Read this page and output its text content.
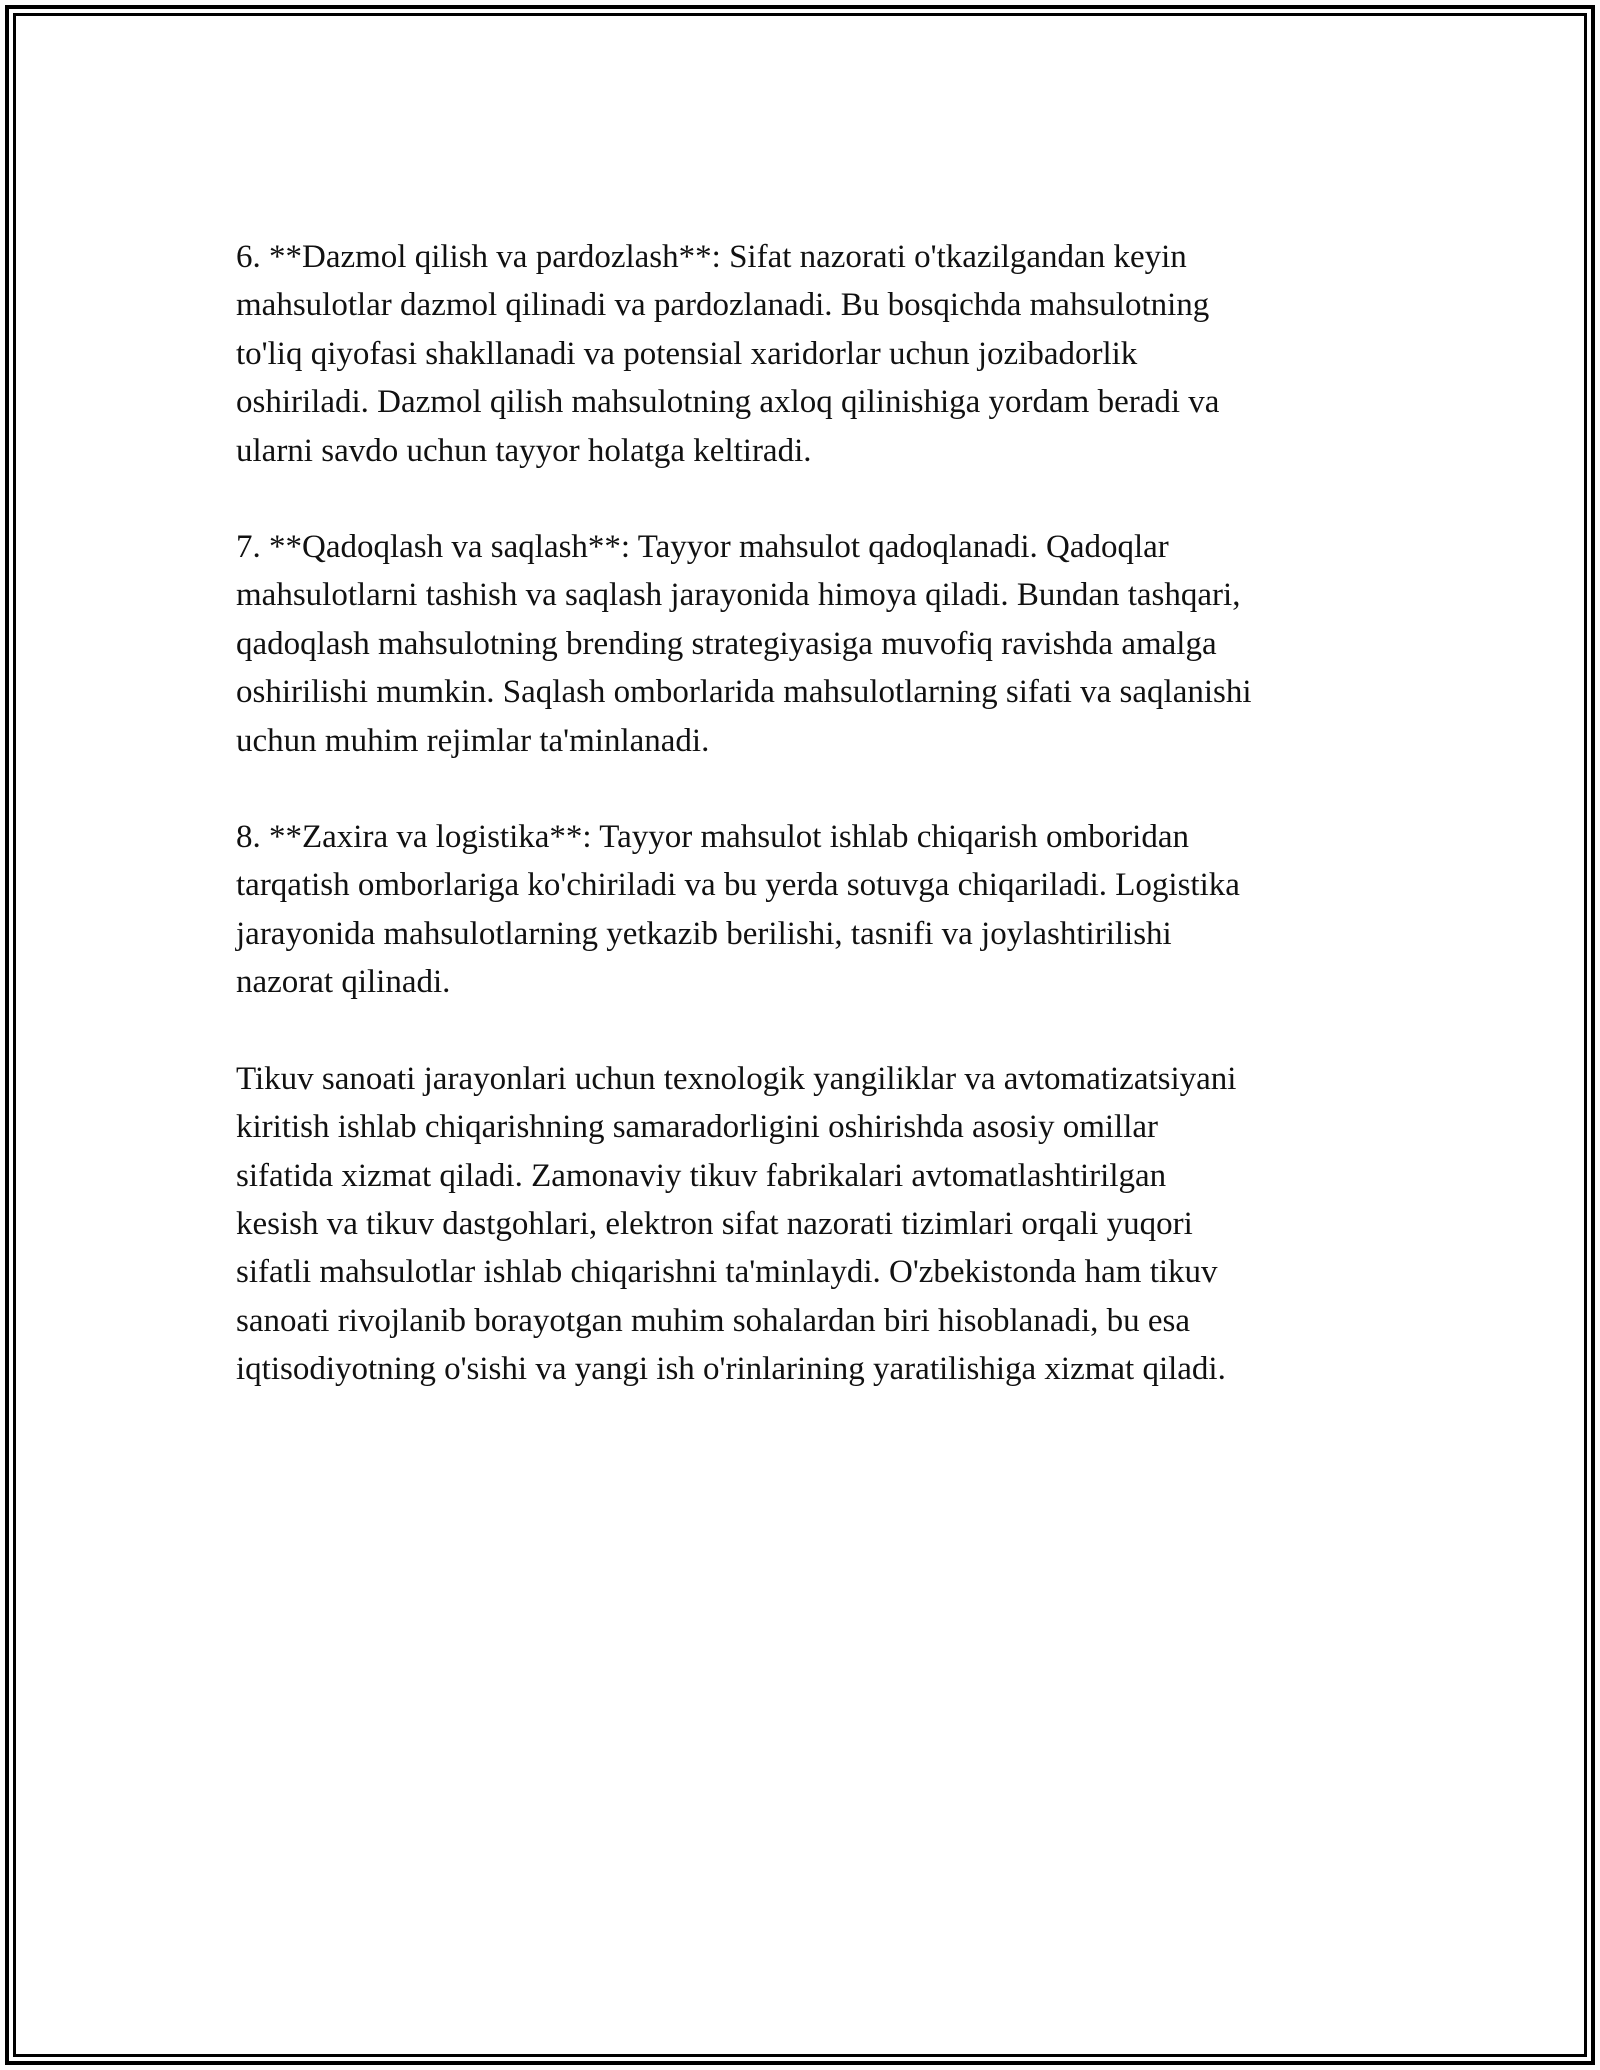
6. **Dazmol qilish va pardozlash**: Sifat nazorati o'tkazilgandan keyin
mahsulotlar dazmol qilinadi va pardozlanadi. Bu bosqichda mahsulotning
to'liq qiyofasi shakllanadi va potensial xaridorlar uchun jozibadorlik
oshiriladi. Dazmol qilish mahsulotning axloq qilinishiga yordam beradi va
ularni savdo uchun tayyor holatga keltiradi.

7. **Qadoqlash va saqlash**: Tayyor mahsulot qadoqlanadi. Qadoqlar
mahsulotlarni tashish va saqlash jarayonida himoya qiladi. Bundan tashqari,
qadoqlash mahsulotning brending strategiyasiga muvofiq ravishda amalga
oshirilishi mumkin. Saqlash omborlarida mahsulotlarning sifati va saqlanishi
uchun muhim rejimlar ta'minlanadi.

8. **Zaxira va logistika**: Tayyor mahsulot ishlab chiqarish omboridan
tarqatish omborlariga ko'chiriladi va bu yerda sotuvga chiqariladi. Logistika
jarayonida mahsulotlarning yetkazib berilishi, tasnifi va joylashtirilishi
nazorat qilinadi.

Tikuv sanoati jarayonlari uchun texnologik yangiliklar va avtomatizatsiyani
kiritish ishlab chiqarishning samaradorligini oshirishda asosiy omillar
sifatida xizmat qiladi. Zamonaviy tikuv fabrikalari avtomatlashtirilgan
kesish va tikuv dastgohlari, elektron sifat nazorati tizimlari orqali yuqori
sifatli mahsulotlar ishlab chiqarishni ta'minlaydi. O'zbekistonda ham tikuv
sanoati rivojlanib borayotgan muhim sohalardan biri hisoblanadi, bu esa
iqtisodiyotning o'sishi va yangi ish o'rinlarining yaratilishiga xizmat qiladi.
